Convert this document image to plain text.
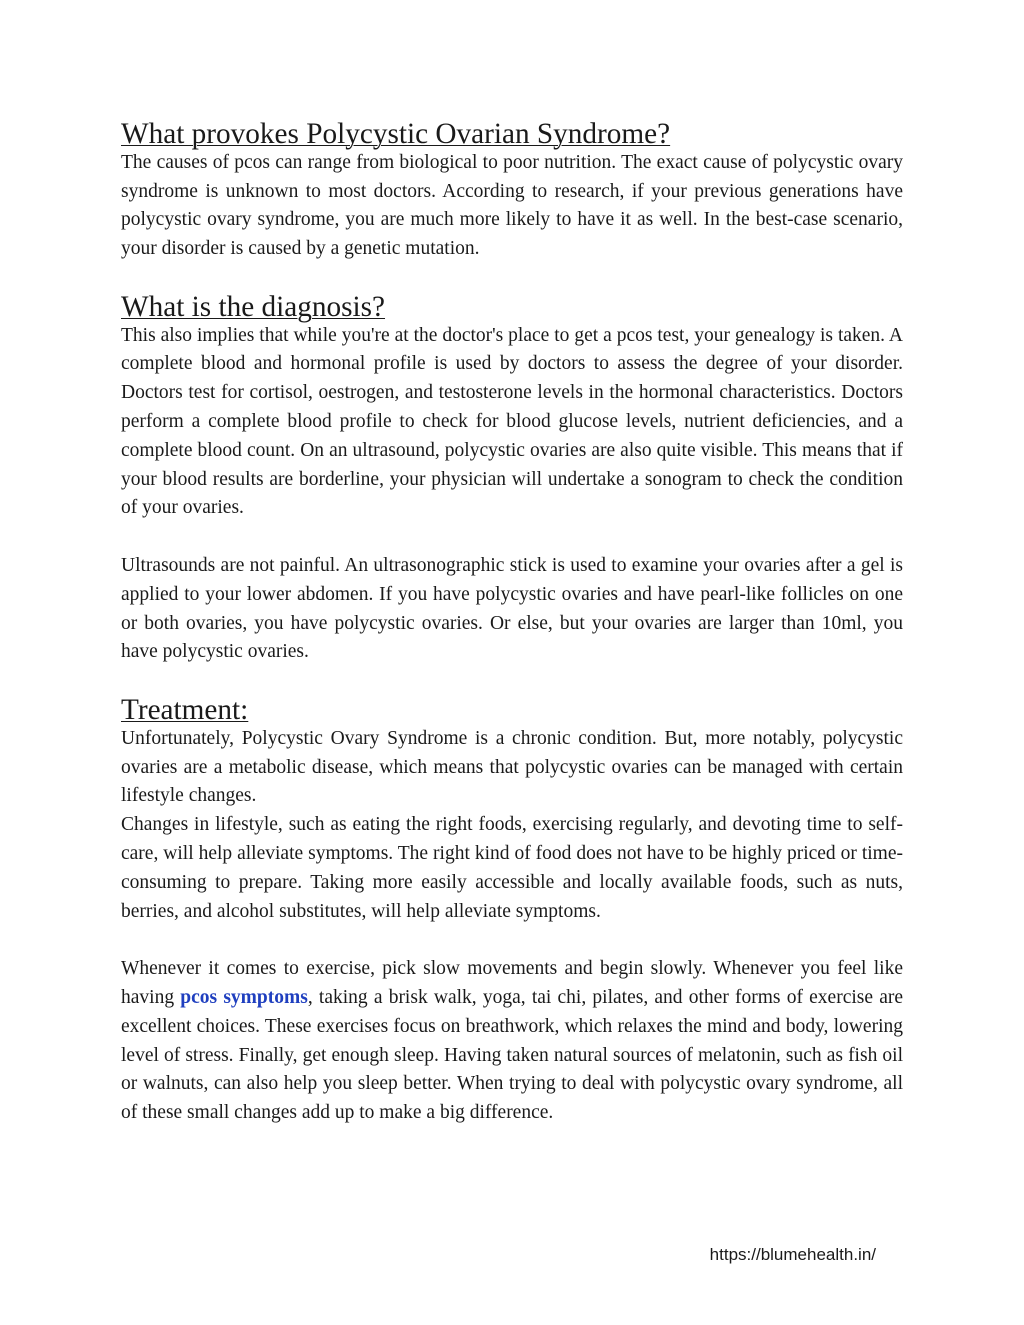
What provokes Polycystic Ovarian Syndrome?

The causes of pcos can range from biological to poor nutrition. The exact cause of polycystic ovary syndrome is unknown to most doctors. According to research, if your previous generations have polycystic ovary syndrome, you are much more likely to have it as well. In the best-case scenario, your disorder is caused by a genetic mutation.

What is the diagnosis?

This also implies that while you're at the doctor's place to get a pcos test, your genealogy is taken. A complete blood and hormonal profile is used by doctors to assess the degree of your disorder. Doctors test for cortisol, oestrogen, and testosterone levels in the hormonal characteristics. Doctors perform a complete blood profile to check for blood glucose levels, nutrient deficiencies, and a complete blood count. On an ultrasound, polycystic ovaries are also quite visible. This means that if your blood results are borderline, your physician will undertake a sonogram to check the condition of your ovaries.

Ultrasounds are not painful. An ultrasonographic stick is used to examine your ovaries after a gel is applied to your lower abdomen. If you have polycystic ovaries and have pearl-like follicles on one or both ovaries, you have polycystic ovaries. Or else, but your ovaries are larger than 10ml, you have polycystic ovaries.

Treatment:

Unfortunately, Polycystic Ovary Syndrome is a chronic condition. But, more notably, polycystic ovaries are a metabolic disease, which means that polycystic ovaries can be managed with certain lifestyle changes.

Changes in lifestyle, such as eating the right foods, exercising regularly, and devoting time to self-care, will help alleviate symptoms. The right kind of food does not have to be highly priced or time-consuming to prepare. Taking more easily accessible and locally available foods, such as nuts, berries, and alcohol substitutes, will help alleviate symptoms.

Whenever it comes to exercise, pick slow movements and begin slowly. Whenever you feel like having pcos symptoms, taking a brisk walk, yoga, tai chi, pilates, and other forms of exercise are excellent choices. These exercises focus on breathwork, which relaxes the mind and body, lowering level of stress. Finally, get enough sleep. Having taken natural sources of melatonin, such as fish oil or walnuts, can also help you sleep better. When trying to deal with polycystic ovary syndrome, all of these small changes add up to make a big difference.

https://blumehealth.in/
